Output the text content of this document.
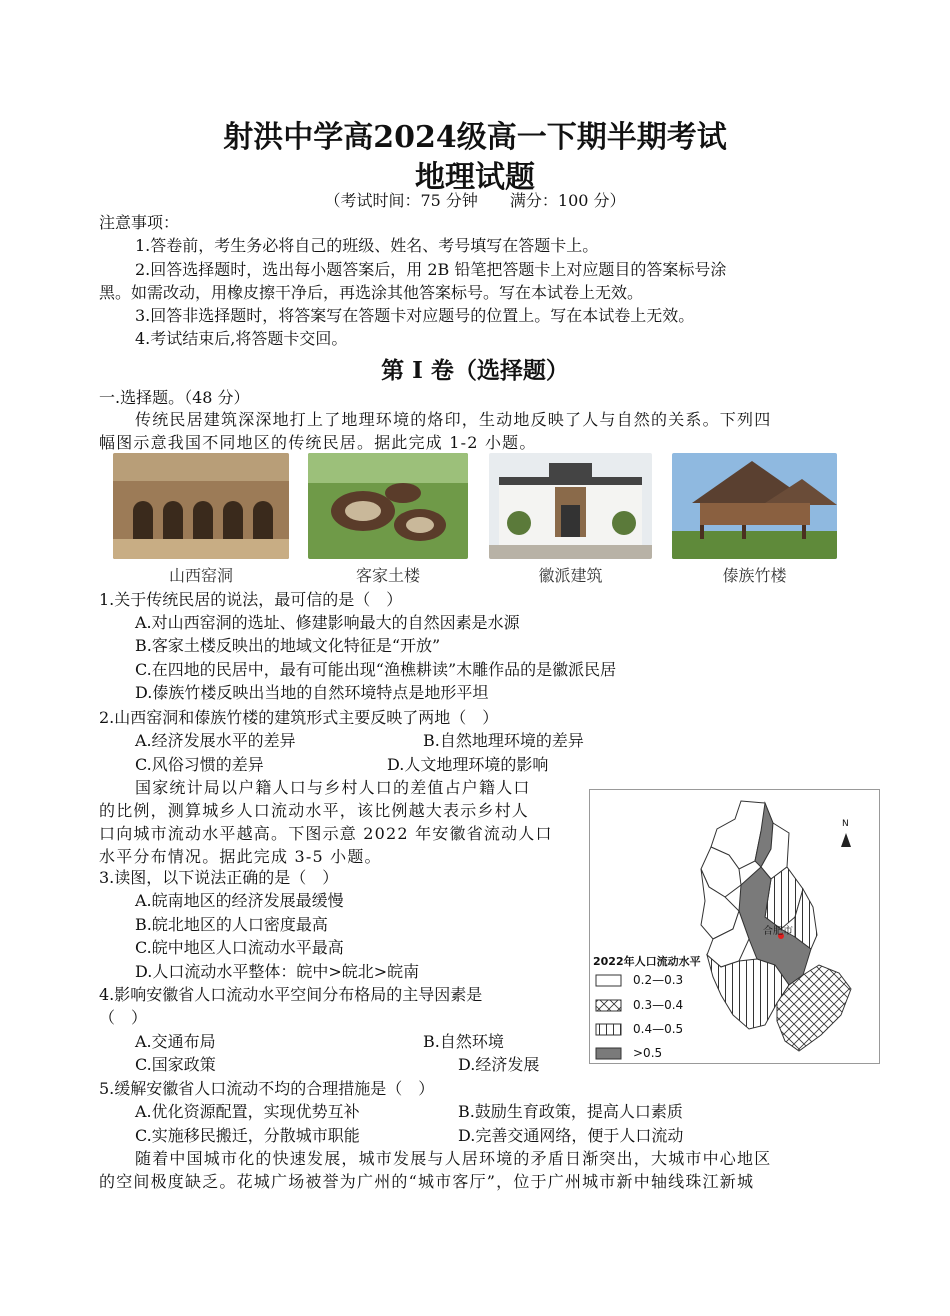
射洪中学高2024级高一下期半期考试
地理试题
（考试时间：75 分钟　　满分：100 分）
注意事项：
1.答卷前，考生务必将自己的班级、姓名、考号填写在答题卡上。
2.回答选择题时，选出每小题答案后，用 2B 铅笔把答题卡上对应题目的答案标号涂
黑。如需改动，用橡皮擦干净后，再选涂其他答案标号。写在本试卷上无效。
3.回答非选择题时，将答案写在答题卡对应题号的位置上。写在本试卷上无效。
4.考试结束后,将答题卡交回。
第 I 卷（选择题）
一.选择题。（48 分）
传统民居建筑深深地打上了地理环境的烙印，生动地反映了人与自然的关系。下列四
幅图示意我国不同地区的传统民居。据此完成 1-2 小题。
山西窑洞	客家土楼	徽派建筑	傣族竹楼
1.关于传统民居的说法，最可信的是（　）
A.对山西窑洞的选址、修建影响最大的自然因素是水源
B.客家土楼反映出的地域文化特征是“开放”
C.在四地的民居中，最有可能出现“渔樵耕读”木雕作品的是徽派民居
D.傣族竹楼反映出当地的自然环境特点是地形平坦
2.山西窑洞和傣族竹楼的建筑形式主要反映了两地（　）
A.经济发展水平的差异	B.自然地理环境的差异
C.风俗习惯的差异	D.人文地理环境的影响
国家统计局以户籍人口与乡村人口的差值占户籍人口
的比例，测算城乡人口流动水平，该比例越大表示乡村人
口向城市流动水平越高。下图示意 2022 年安徽省流动人口
水平分布情况。据此完成 3-5 小题。
3.读图，以下说法正确的是（　）
A.皖南地区的经济发展最缓慢
B.皖北地区的人口密度最高
C.皖中地区人口流动水平最高
D.人口流动水平整体：皖中>皖北>皖南
4.影响安徽省人口流动水平空间分布格局的主导因素是
（　）
A.交通布局	B.自然环境
C.国家政策	D.经济发展
5.缓解安徽省人口流动不均的合理措施是（　）
A.优化资源配置，实现优势互补	B.鼓励生育政策，提高人口素质
C.实施移民搬迁，分散城市职能	D.完善交通网络，便于人口流动
随着中国城市化的快速发展，城市发展与人居环境的矛盾日渐突出，大城市中心地区
的空间极度缺乏。花城广场被誉为广州的“城市客厅”，位于广州城市新中轴线珠江新城
合肥市
N
2022年人口流动水平
0.2—0.3
0.3—0.4
0.4—0.5
>0.5
